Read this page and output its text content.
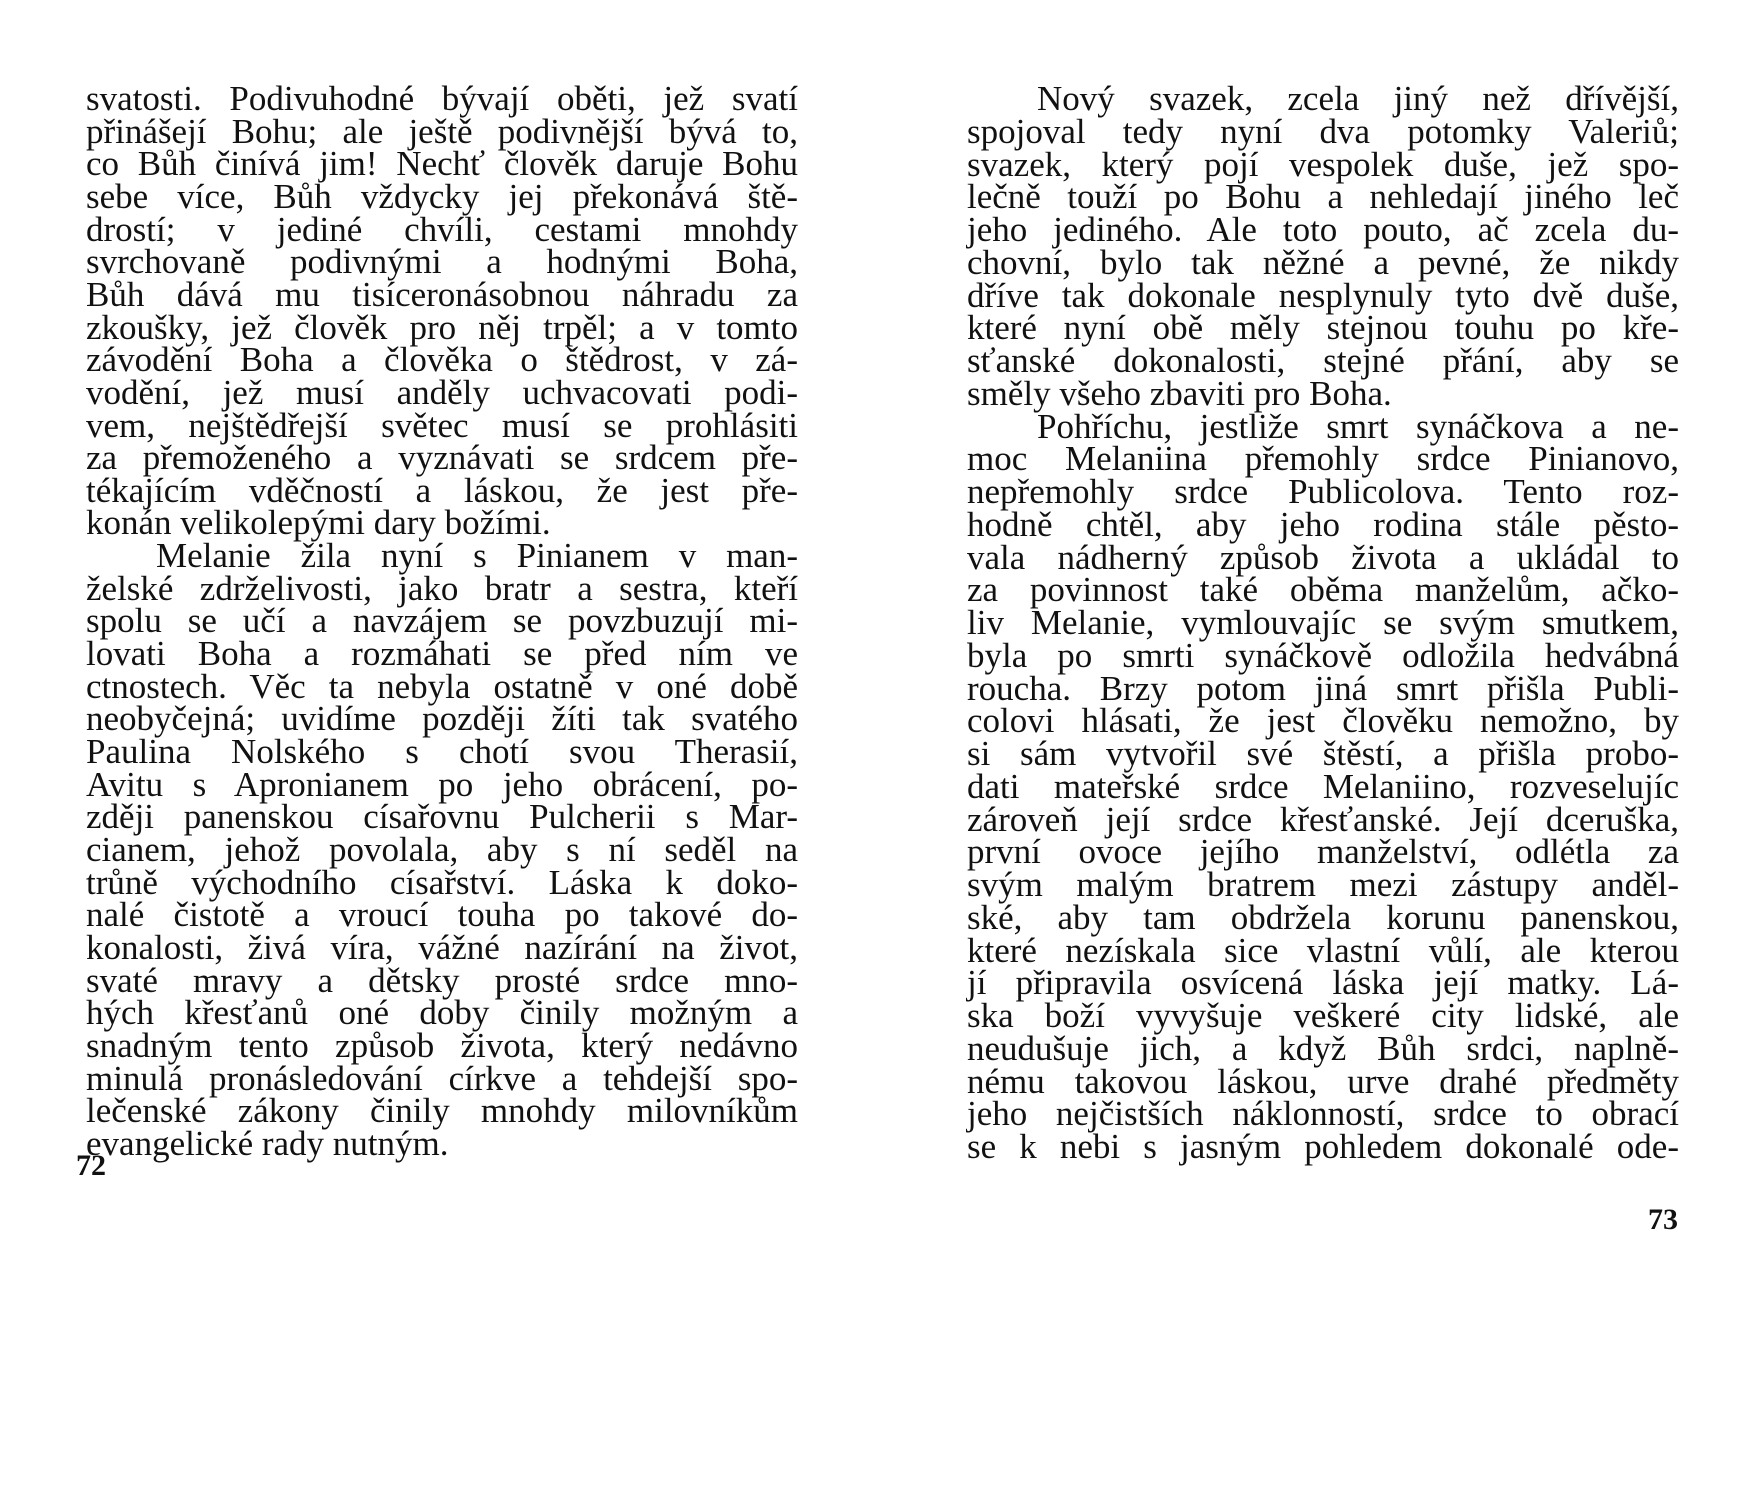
svatosti. Podivuhodné bývají oběti, jež svatí
přinášejí Bohu; ale ještě podivnější bývá to,
co Bůh činívá jim! Nechť člověk daruje Bohu
sebe více, Bůh vždycky jej překonává ště-
drostí; v jediné chvíli, cestami mnohdy
svrchovaně podivnými a hodnými Boha,
Bůh dává mu tisíceronásobnou náhradu za
zkoušky, jež člověk pro něj trpěl; a v tomto
závodění Boha a člověka o štědrost, v zá-
vodění, jež musí anděly uchvacovati podi-
vem, nejštědřejší světec musí se prohlásiti
za přemoženého a vyznávati se srdcem pře-
tékajícím vděčností a láskou, že jest pře-
konán velikolepými dary božími.
Melanie žila nyní s Pinianem v man-
želské zdrželivosti, jako bratr a sestra, kteří
spolu se učí a navzájem se povzbuzují mi-
lovati Boha a rozmáhati se před ním ve
ctnostech. Věc ta nebyla ostatně v oné době
neobyčejná; uvidíme později žíti tak svatého
Paulina Nolského s chotí svou Therasií,
Avitu s Apronianem po jeho obrácení, po-
zději panenskou císařovnu Pulcherii s Mar-
cianem, jehož povolala, aby s ní seděl na
trůně východního císařství. Láska k doko-
nalé čistotě a vroucí touha po takové do-
konalosti, živá víra, vážné nazírání na život,
svaté mravy a dětsky prosté srdce mno-
hých křesťanů oné doby činily možným a
snadným tento způsob života, který nedávno
minulá pronásledování církve a tehdejší spo-
lečenské zákony činily mnohdy milovníkům
evangelické rady nutným.
72
Nový svazek, zcela jiný než dřívější,
spojoval tedy nyní dva potomky Valeriů;
svazek, který pojí vespolek duše, jež spo-
lečně touží po Bohu a nehledají jiného leč
jeho jediného. Ale toto pouto, ač zcela du-
chovní, bylo tak něžné a pevné, že nikdy
dříve tak dokonale nesplynuly tyto dvě duše,
které nyní obě měly stejnou touhu po kře-
sťanské dokonalosti, stejné přání, aby se
směly všeho zbaviti pro Boha.
Pohříchu, jestliže smrt synáčkova a ne-
moc Melaniina přemohly srdce Pinianovo,
nepřemohly srdce Publicolova. Tento roz-
hodně chtěl, aby jeho rodina stále pěsto-
vala nádherný způsob života a ukládal to
za povinnost také oběma manželům, ačko-
liv Melanie, vymlouvajíc se svým smutkem,
byla po smrti synáčkově odložila hedvábná
roucha. Brzy potom jiná smrt přišla Publi-
colovi hlásati, že jest člověku nemožno, by
si sám vytvořil své štěstí, a přišla probo-
dati mateřské srdce Melaniino, rozveselujíc
zároveň její srdce křesťanské. Její dceruška,
první ovoce jejího manželství, odlétla za
svým malým bratrem mezi zástupy anděl-
ské, aby tam obdržela korunu panenskou,
které nezískala sice vlastní vůlí, ale kterou
jí připravila osvícená láska její matky. Lá-
ska boží vyvyšuje veškeré city lidské, ale
neudušuje jich, a když Bůh srdci, naplně-
nému takovou láskou, urve drahé předměty
jeho nejčistších náklonností, srdce to obrací
se k nebi s jasným pohledem dokonalé ode-
73
